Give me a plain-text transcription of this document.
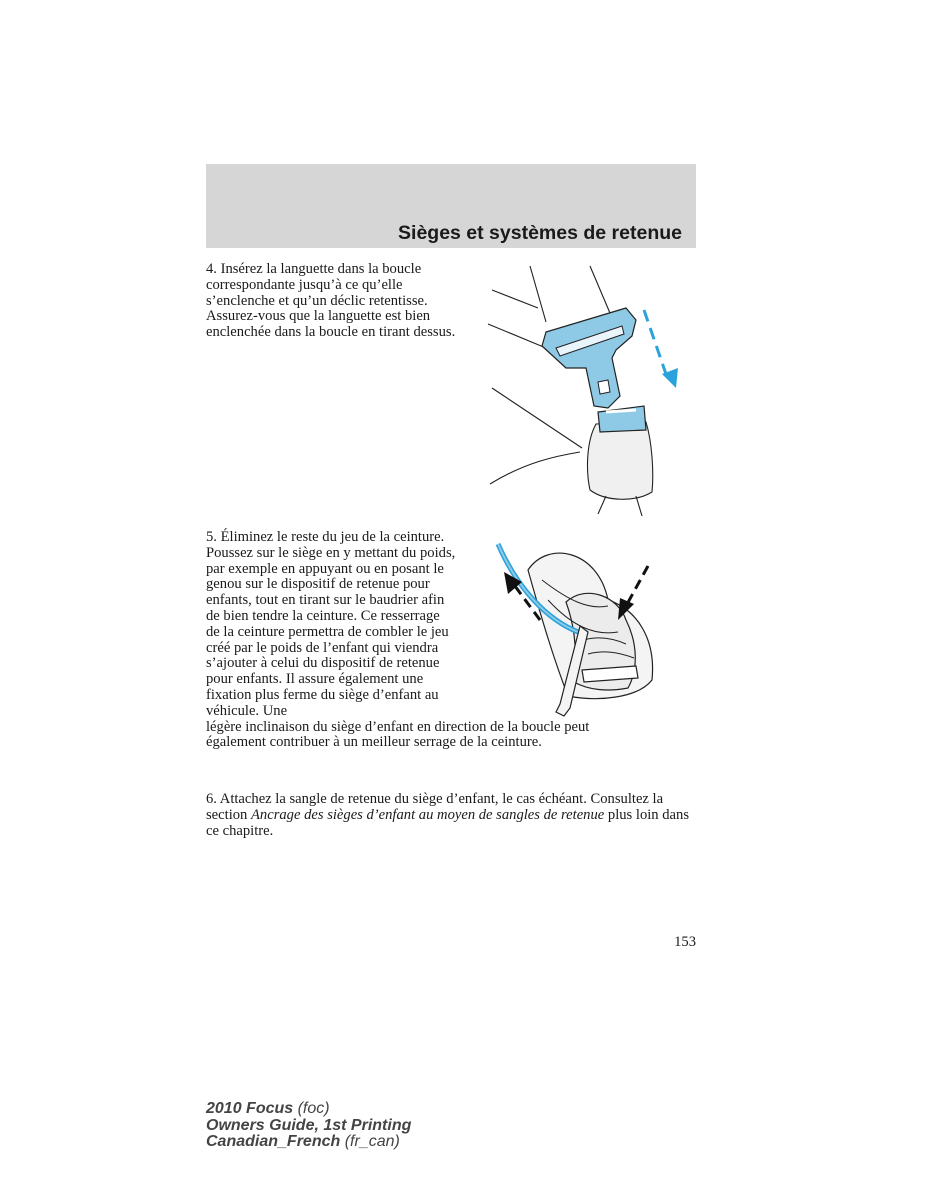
Sièges et systèmes de retenue

4. Insérez la languette dans la boucle correspondante jusqu’à ce qu’elle s’enclenche et qu’un déclic retentisse. Assurez-vous que la languette est bien enclenchée dans la boucle en tirant dessus.

5. Éliminez le reste du jeu de la ceinture. Poussez sur le siège en y mettant du poids, par exemple en appuyant ou en posant le genou sur le dispositif de retenue pour enfants, tout en tirant sur le baudrier afin de bien tendre la ceinture. Ce resserrage de la ceinture permettra de combler le jeu créé par le poids de l’enfant qui viendra s’ajouter à celui du dispositif de retenue pour enfants. Il assure également une fixation plus ferme du siège d’enfant au véhicule. Une
légère inclinaison du siège d’enfant en direction de la boucle peut également contribuer à un meilleur serrage de la ceinture.

6. Attachez la sangle de retenue du siège d’enfant, le cas échéant. Consultez la section Ancrage des sièges d’enfant au moyen de sangles de retenue plus loin dans ce chapitre.

153
2010 Focus (foc)
Owners Guide, 1st Printing
Canadian_French (fr_can)
